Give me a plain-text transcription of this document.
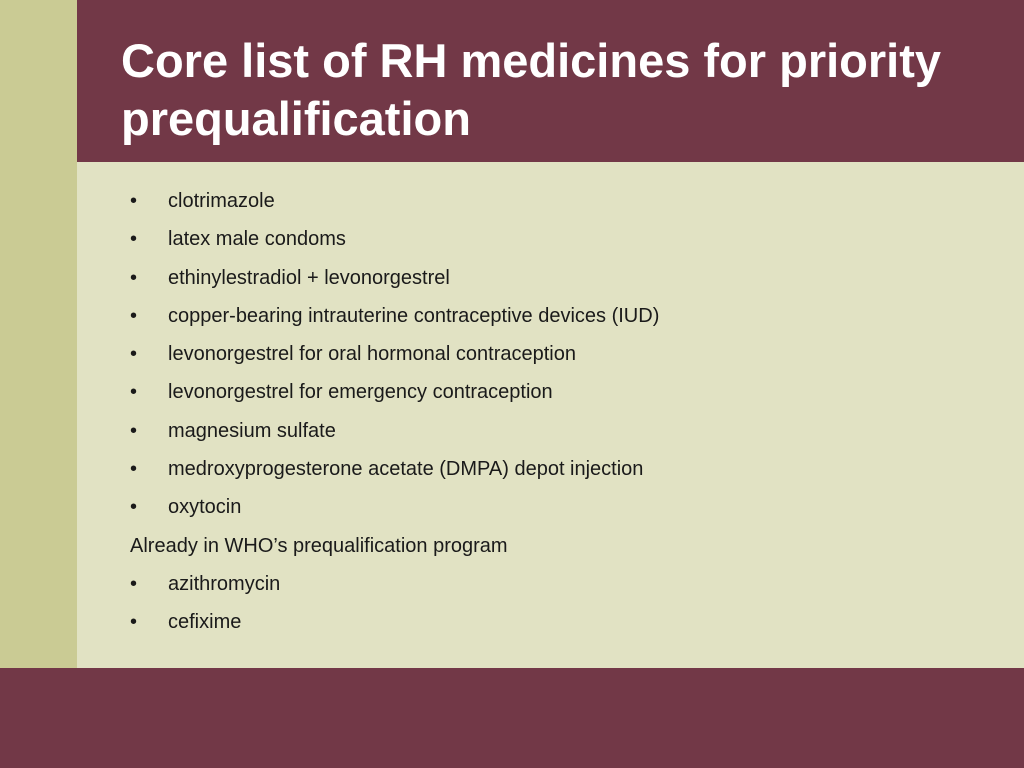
Core list of RH medicines for priority prequalification
•	clotrimazole
•	latex male condoms
•	ethinylestradiol + levonorgestrel
•	copper-bearing intrauterine contraceptive devices (IUD)
•	levonorgestrel for oral hormonal contraception
•	levonorgestrel for emergency contraception
•	magnesium sulfate
•	medroxyprogesterone acetate (DMPA) depot injection
•	oxytocin
Already in WHO’s prequalification program
•	azithromycin
•	cefixime
